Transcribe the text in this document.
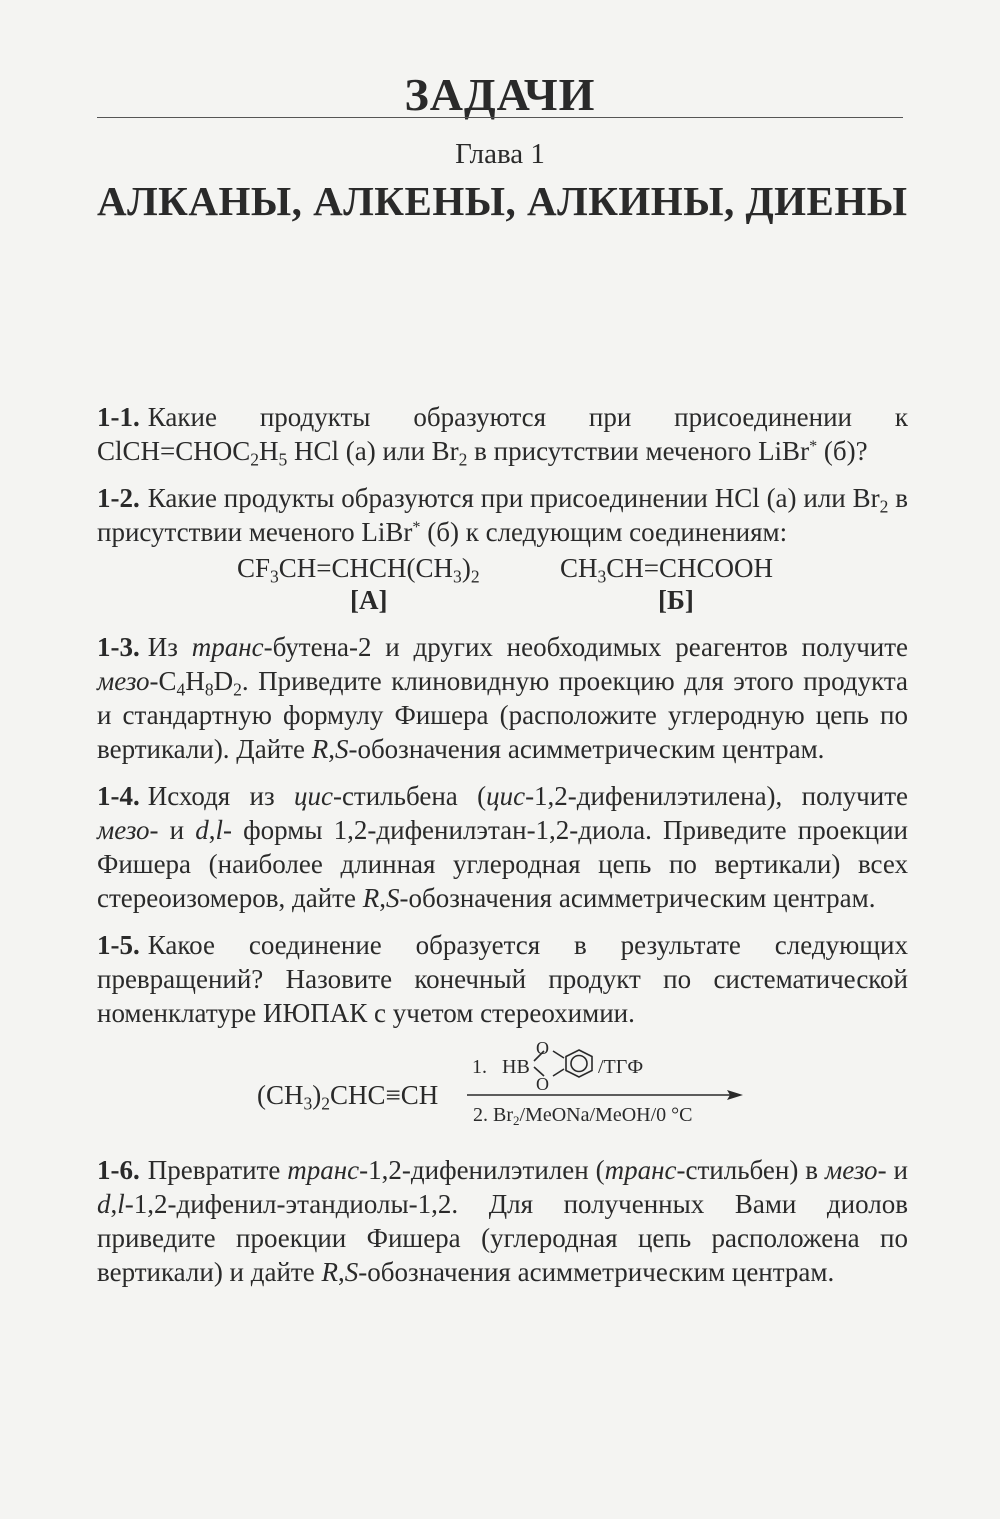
ЗАДАЧИ
Глава 1
АЛКАНЫ, АЛКЕНЫ, АЛКИНЫ, ДИЕНЫ

1-1. Какие продукты образуются при присоединении к $ClCH=CHOC_2H_5$ HCl (а) или $Br_2$ в присутствии меченого LiBr* (б)?

1-2. Какие продукты образуются при присоединении HCl (а) или $Br_2$ в присутствии меченого LiBr* (б) к следующим соединениям:
$CF_3CH=CHCH(CH_3)_2$
[А]
$CH_3CH=CHCOOH$
[Б]

1-3. Из транс-бутена-2 и других необходимых реагентов получите мезо-$C_4H_8D_2$. Приведите клиновидную проекцию для этого продукта и стандартную формулу Фишера (расположите углеродную цепь по вертикали). Дайте R,S-обозначения асимметрическим центрам.

1-4. Исходя из цис-стильбена (цис-1,2-дифенилэтилена), получите мезо- и d,l- формы 1,2-дифенилэтан-1,2-диола. Приведите проекции Фишера (наиболее длинная углеродная цепь по вертикали) всех стереоизомеров, дайте R,S-обозначения асимметрическим центрам.

1-5. Какое соединение образуется в результате следующих превращений? Назовите конечный продукт по систематической номенклатуре ИЮПАК с учетом стереохимии.
$(CH_3)_2CHC\equiv CH$
1. HB
O
O
/ТГФ
2. $Br_2/MeONa/MeOH/0$ °C

1-6. Превратите транс-1,2-дифенилэтилен (транс-стильбен) в мезо- и d,l-1,2-дифенил-этандиолы-1,2. Для полученных Вами диолов приведите проекции Фишера (углеродная цепь расположена по вертикали) и дайте R,S-обозначения асимметрическим центрам.
